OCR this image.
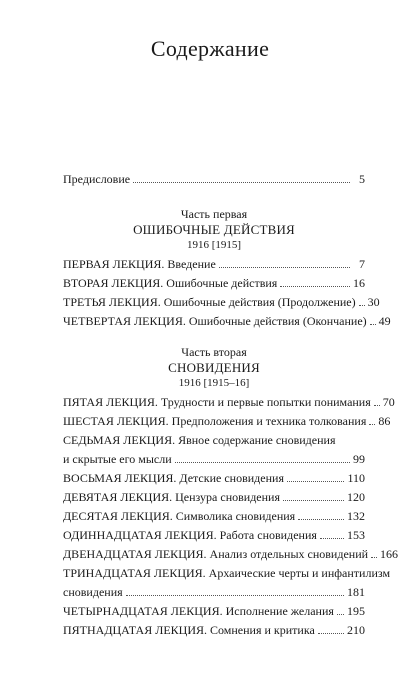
Содержание
Предисловие	5
Часть первая
ОШИБОЧНЫЕ ДЕЙСТВИЯ
1916 [1915]
ПЕРВАЯ ЛЕКЦИЯ. Введение	7
ВТОРАЯ ЛЕКЦИЯ. Ошибочные действия	16
ТРЕТЬЯ ЛЕКЦИЯ. Ошибочные действия (Продолжение) 30
ЧЕТВЕРТАЯ ЛЕКЦИЯ. Ошибочные действия (Окончание) 49
Часть вторая
СНОВИДЕНИЯ
1916 [1915–16]
ПЯТАЯ ЛЕКЦИЯ. Трудности и первые попытки понимания 70
ШЕСТАЯ ЛЕКЦИЯ. Предположения и техника толкования 86
СЕДЬМАЯ ЛЕКЦИЯ. Явное содержание сновидения
и скрытые его мысли	99
ВОСЬМАЯ ЛЕКЦИЯ. Детские сновидения	110
ДЕВЯТАЯ ЛЕКЦИЯ. Цензура сновидения	120
ДЕСЯТАЯ ЛЕКЦИЯ. Символика сновидения	132
ОДИННАДЦАТАЯ ЛЕКЦИЯ. Работа сновидения	153
ДВЕНАДЦАТАЯ ЛЕКЦИЯ. Анализ отдельных сновидений 166
ТРИНАДЦАТАЯ ЛЕКЦИЯ. Архаические черты и инфантилизм
сновидения	181
ЧЕТЫРНАДЦАТАЯ ЛЕКЦИЯ. Исполнение желания 195
ПЯТНАДЦАТАЯ ЛЕКЦИЯ. Сомнения и критика	210
